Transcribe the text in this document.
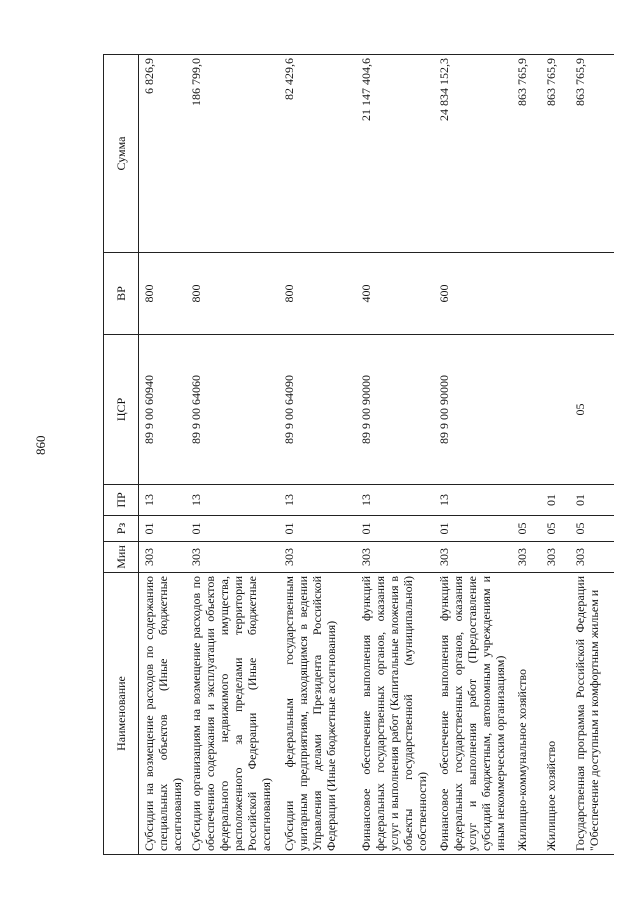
860
Наименование	Мин	Рз	ПР	ЦСР	ВР	Сумма
Субсидии на возмещение расходов по содержанию специальных объектов (Иные бюджетные ассигнования)	303	01	13	89 9 00 60940	800	6 826,9
Субсидии организациям на возмещение расходов по обеспечению содержания и эксплуатации объектов федерального недвижимого имущества, расположенного за пределами территории Российской Федерации (Иные бюджетные ассигнования)	303	01	13	89 9 00 64060	800	186 799,0
Субсидии федеральным государственным унитарным предприятиям, находящимся в ведении Управления делами Президента Российской Федерации (Иные бюджетные ассигнования)	303	01	13	89 9 00 64090	800	82 429,6
Финансовое обеспечение выполнения функций федеральных государственных органов, оказания услуг и выполнения работ (Капитальные вложения в объекты государственной (муниципальной) собственности)	303	01	13	89 9 00 90000	400	21 147 404,6
Финансовое обеспечение выполнения функций федеральных государственных органов, оказания услуг и выполнения работ (Предоставление субсидий бюджетным, автономным учреждениям и иным некоммерческим организациям)	303	01	13	89 9 00 90000	600	24 834 152,3
Жилищно-коммунальное хозяйство	303	05				863 765,9
Жилищное хозяйство	303	05	01			863 765,9
Государственная программа Российской Федерации "Обеспечение доступным и комфортным жильем и	303	05	01	05		863 765,9
